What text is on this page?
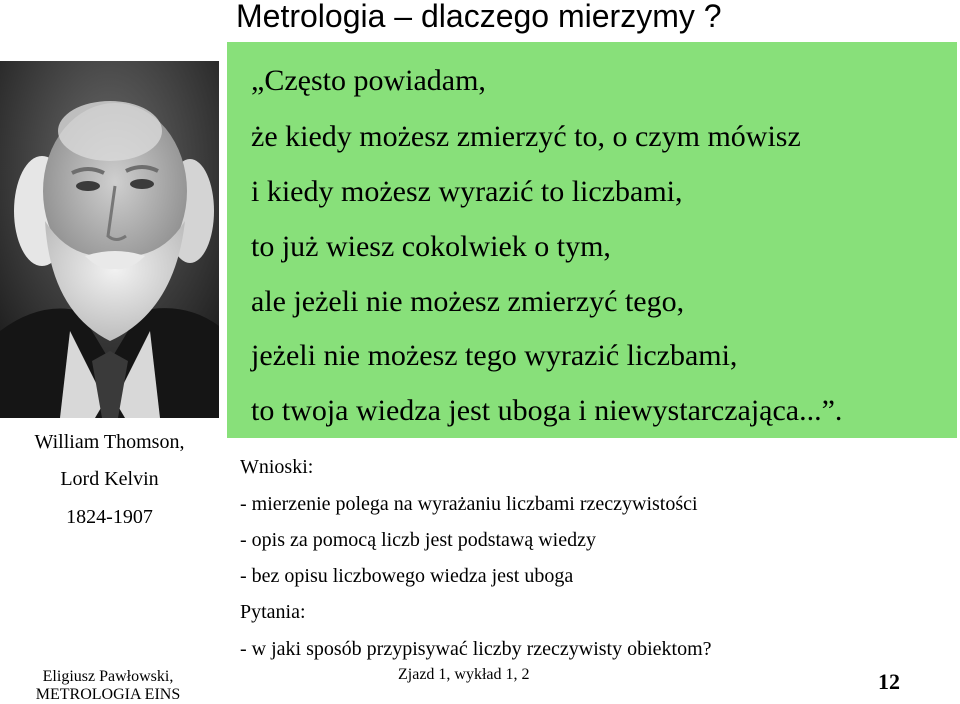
Metrologia – dlaczego mierzymy ?
William Thomson,
Lord Kelvin
1824-1907
„Często powiadam,
że kiedy możesz zmierzyć to, o czym mówisz
i kiedy możesz wyrazić to liczbami,
to już wiesz cokolwiek o tym,
ale jeżeli nie możesz zmierzyć tego,
jeżeli nie możesz tego wyrazić liczbami,
to twoja wiedza jest uboga i niewystarczająca...”.
Wnioski:
- mierzenie polega na wyrażaniu liczbami rzeczywistości
- opis za pomocą liczb jest podstawą wiedzy
- bez opisu liczbowego wiedza jest uboga
Pytania:
- w jaki sposób przypisywać liczby rzeczywisty obiektom?
Eligiusz Pawłowski,
METROLOGIA EINS
Zjazd 1, wykład 1, 2	12
